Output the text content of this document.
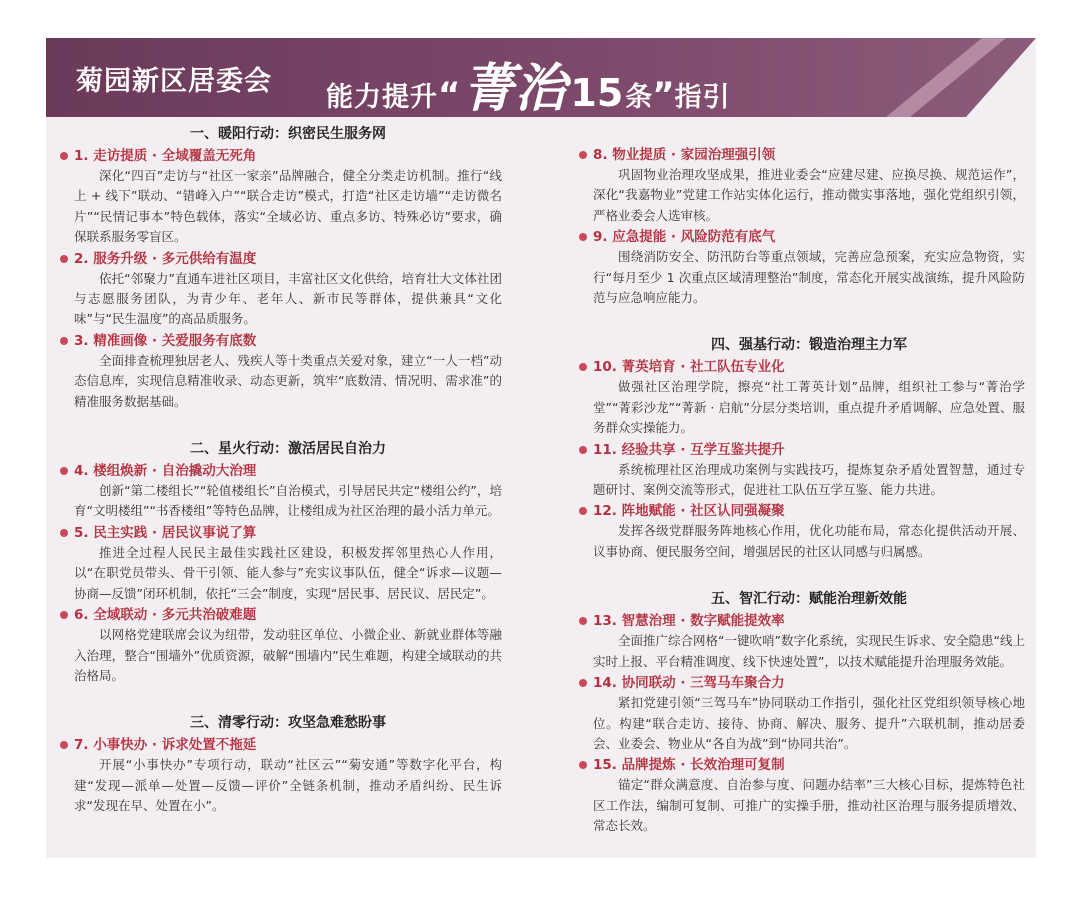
菊园新区居委会
能力提升 “ 菁治 15 条 ” 指引
一、暖阳行动：织密民生服务网
1. 走访提质 · 全域覆盖无死角
深化“四百”走访与“社区一家亲”品牌融合，健全分类走访机制。推行“线上 + 线下”联动、“错峰入户”“联合走访”模式，打造“社区走访墙”“走访微名片”“民情记事本”特色载体，落实“全域必访、重点多访、特殊必访”要求，确保联系服务零盲区。
2. 服务升级 · 多元供给有温度
依托“邻聚力”直通车进社区项目，丰富社区文化供给，培育壮大文体社团与志愿服务团队，为青少年、老年人、新市民等群体，提供兼具“文化味”与“民生温度”的高品质服务。
3. 精准画像 · 关爱服务有底数
全面排查梳理独居老人、残疾人等十类重点关爱对象，建立“一人一档”动态信息库，实现信息精准收录、动态更新，筑牢“底数清、情况明、需求准”的精准服务数据基础。
二、星火行动：激活居民自治力
4. 楼组焕新 · 自治撬动大治理
创新“第二楼组长”“轮值楼组长”自治模式，引导居民共定“楼组公约”，培育“文明楼组”“书香楼组”等特色品牌，让楼组成为社区治理的最小活力单元。
5. 民主实践 · 居民议事说了算
推进全过程人民民主最佳实践社区建设，积极发挥邻里热心人作用，以“在职党员带头、骨干引领、能人参与”充实议事队伍，健全“诉求—议题—协商—反馈”闭环机制，依托“三会”制度，实现“居民事、居民议、居民定”。
6. 全域联动 · 多元共治破难题
以网格党建联席会议为纽带，发动驻区单位、小微企业、新就业群体等融入治理，整合“围墙外”优质资源，破解“围墙内”民生难题，构建全域联动的共治格局。
三、清零行动：攻坚急难愁盼事
7. 小事快办 · 诉求处置不拖延
开展“小事快办”专项行动，联动“社区云”“菊安通”等数字化平台，构建“发现—派单—处置—反馈—评价”全链条机制，推动矛盾纠纷、民生诉求“发现在早、处置在小”。
8. 物业提质 · 家园治理强引领
巩固物业治理攻坚成果，推进业委会“应建尽建、应换尽换、规范运作”，深化“我嘉物业”党建工作站实体化运行，推动微实事落地，强化党组织引领，严格业委会人选审核。
9. 应急提能 · 风险防范有底气
围绕消防安全、防汛防台等重点领域，完善应急预案，充实应急物资，实行“每月至少 1 次重点区域清理整治”制度，常态化开展实战演练，提升风险防范与应急响应能力。
四、强基行动：锻造治理主力军
10. 菁英培育 · 社工队伍专业化
做强社区治理学院，擦亮“社工菁英计划”品牌，组织社工参与“菁治学堂”“菁彩沙龙”“菁新 · 启航”分层分类培训，重点提升矛盾调解、应急处置、服务群众实操能力。
11. 经验共享 · 互学互鉴共提升
系统梳理社区治理成功案例与实践技巧，提炼复杂矛盾处置智慧，通过专题研讨、案例交流等形式，促进社工队伍互学互鉴、能力共进。
12. 阵地赋能 · 社区认同强凝聚
发挥各级党群服务阵地核心作用，优化功能布局，常态化提供活动开展、议事协商、便民服务空间，增强居民的社区认同感与归属感。
五、智汇行动：赋能治理新效能
13. 智慧治理 · 数字赋能提效率
全面推广综合网格“一键吹哨”数字化系统，实现民生诉求、安全隐患“线上实时上报、平台精准调度、线下快速处置”，以技术赋能提升治理服务效能。
14. 协同联动 · 三驾马车聚合力
紧扣党建引领“三驾马车”协同联动工作指引，强化社区党组织领导核心地位。构建“联合走访、接待、协商、解决、服务、提升”六联机制，推动居委会、业委会、物业从“各自为战”到“协同共治”。
15. 品牌提炼 · 长效治理可复制
锚定“群众满意度、自治参与度、问题办结率”三大核心目标，提炼特色社区工作法，编制可复制、可推广的实操手册，推动社区治理与服务提质增效、常态长效。
